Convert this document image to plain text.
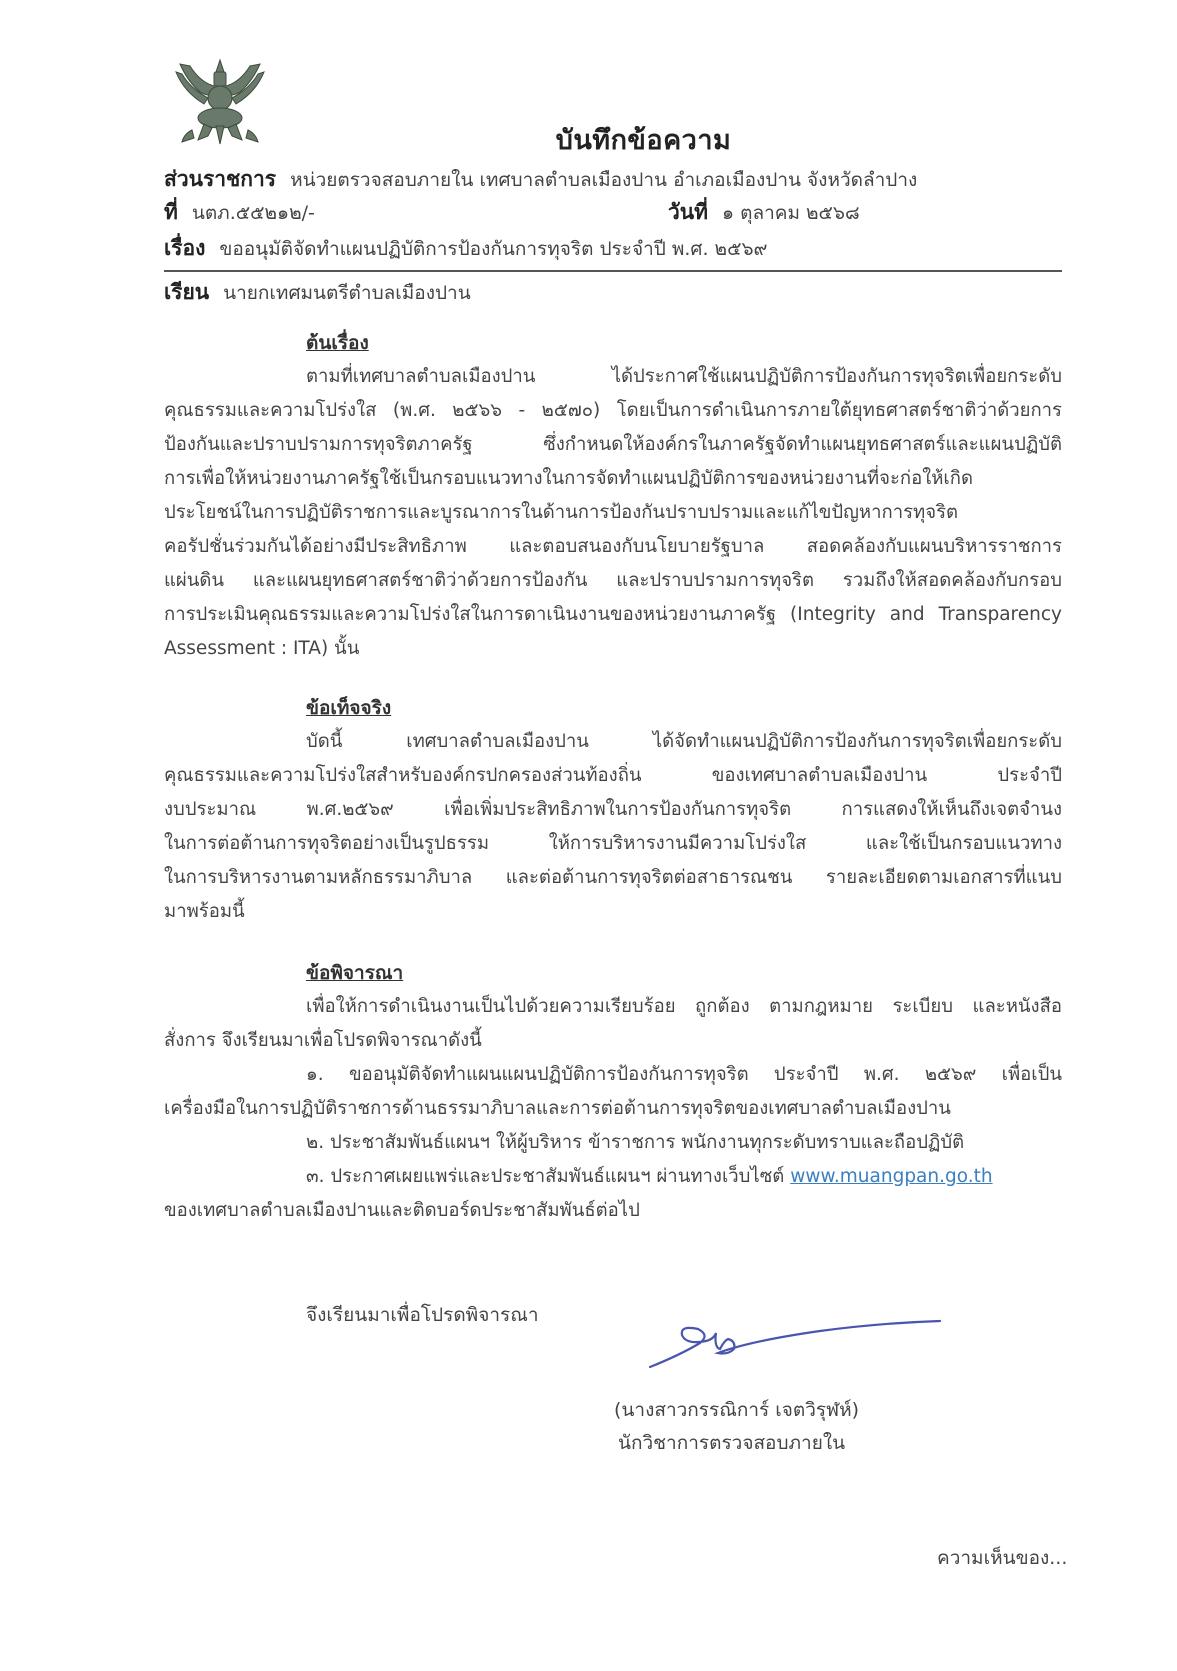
บันทึกข้อความ
ส่วนราชการ หน่วยตรวจสอบภายใน เทศบาลตำบลเมืองปาน อำเภอเมืองปาน จังหวัดลำปาง
ที่ นตภ.๕๕๒๑๒/-	วันที่ ๑ ตุลาคม ๒๕๖๘
เรื่อง ขออนุมัติจัดทำแผนปฏิบัติการป้องกันการทุจริต ประจำปี พ.ศ. ๒๕๖๙
เรียน นายกเทศมนตรีตำบลเมืองปาน
ต้นเรื่อง
ตามที่เทศบาลตำบลเมืองปาน ได้ประกาศใช้แผนปฏิบัติการป้องกันการทุจริตเพื่อยกระดับ
คุณธรรมและความโปร่งใส (พ.ศ. ๒๕๖๖ - ๒๕๗๐) โดยเป็นการดำเนินการภายใต้ยุทธศาสตร์ชาติว่าด้วยการ
ป้องกันและปราบปรามการทุจริตภาครัฐ ซึ่งกำหนดให้องค์กรในภาครัฐจัดทำแผนยุทธศาสตร์และแผนปฏิบัติ
การเพื่อให้หน่วยงานภาครัฐใช้เป็นกรอบแนวทางในการจัดทำแผนปฏิบัติการของหน่วยงานที่จะก่อให้เกิด
ประโยชน์ในการปฏิบัติราชการและบูรณาการในด้านการป้องกันปราบปรามและแก้ไขปัญหาการทุจริต
คอรัปชั่นร่วมกันได้อย่างมีประสิทธิภาพ และตอบสนองกับนโยบายรัฐบาล สอดคล้องกับแผนบริหารราชการ
แผ่นดิน และแผนยุทธศาสตร์ชาติว่าด้วยการป้องกัน และปราบปรามการทุจริต รวมถึงให้สอดคล้องกับกรอบ
การประเมินคุณธรรมและความโปร่งใสในการดาเนินงานของหน่วยงานภาครัฐ (Integrity and Transparency
Assessment : ITA) นั้น
ข้อเท็จจริง
บัดนี้ เทศบาลตำบลเมืองปาน ได้จัดทำแผนปฏิบัติการป้องกันการทุจริตเพื่อยกระดับ
คุณธรรมและความโปร่งใสสำหรับองค์กรปกครองส่วนท้องถิ่น ของเทศบาลตำบลเมืองปาน ประจำปี
งบประมาณ พ.ศ.๒๕๖๙ เพื่อเพิ่มประสิทธิภาพในการป้องกันการทุจริต การแสดงให้เห็นถึงเจตจำนง
ในการต่อต้านการทุจริตอย่างเป็นรูปธรรม ให้การบริหารงานมีความโปร่งใส และใช้เป็นกรอบแนวทาง
ในการบริหารงานตามหลักธรรมาภิบาล และต่อต้านการทุจริตต่อสาธารณชน รายละเอียดตามเอกสารที่แนบ
มาพร้อมนี้
ข้อพิจารณา
เพื่อให้การดำเนินงานเป็นไปด้วยความเรียบร้อย ถูกต้อง ตามกฎหมาย ระเบียบ และหนังสือ
สั่งการ จึงเรียนมาเพื่อโปรดพิจารณาดังนี้
๑. ขออนุมัติจัดทำแผนแผนปฏิบัติการป้องกันการทุจริต ประจำปี พ.ศ. ๒๕๖๙ เพื่อเป็น
เครื่องมือในการปฏิบัติราชการด้านธรรมาภิบาลและการต่อต้านการทุจริตของเทศบาลตำบลเมืองปาน
๒. ประชาสัมพันธ์แผนฯ ให้ผู้บริหาร ข้าราชการ พนักงานทุกระดับทราบและถือปฏิบัติ
๓. ประกาศเผยแพร่และประชาสัมพันธ์แผนฯ ผ่านทางเว็บไซต์ www.muangpan.go.th
ของเทศบาลตำบลเมืองปานและติดบอร์ดประชาสัมพันธ์ต่อไป
จึงเรียนมาเพื่อโปรดพิจารณา
(นางสาวกรรณิการ์ เจตวิรุฬห์)
นักวิชาการตรวจสอบภายใน
ความเห็นของ...
